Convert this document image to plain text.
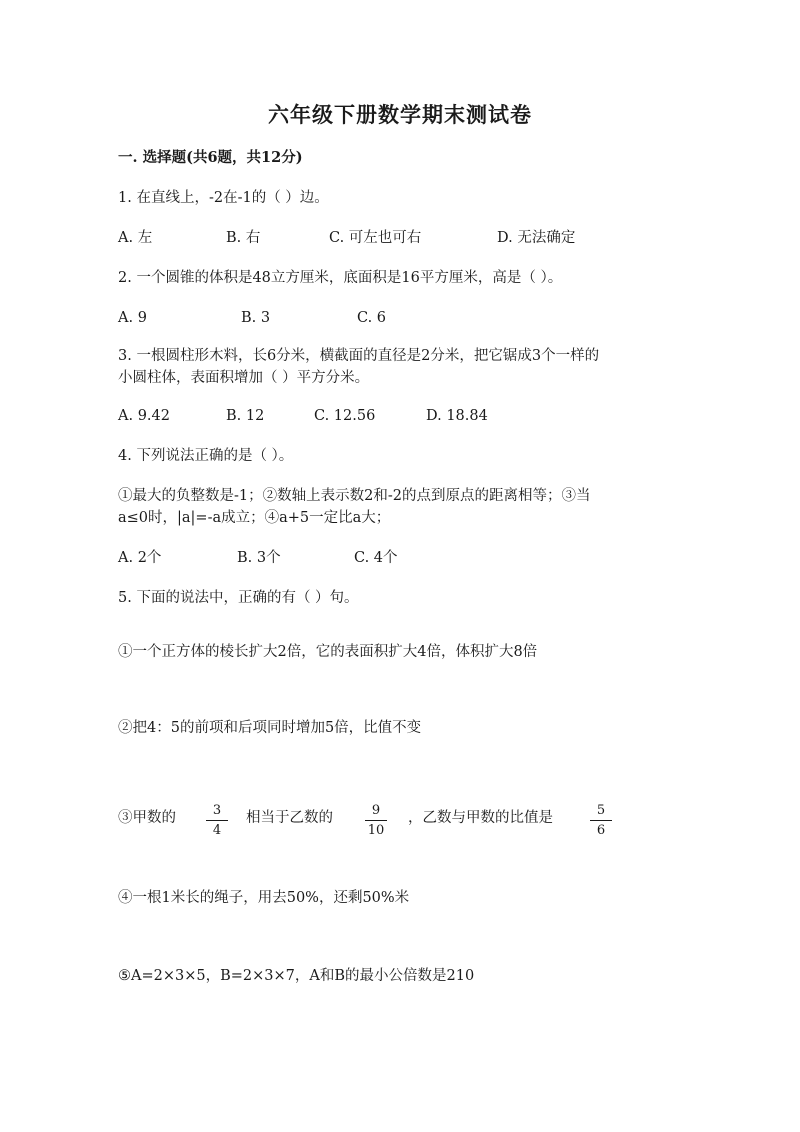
六年级下册数学期末测试卷
一. 选择题(共6题，共12分)
1. 在直线上，-2在-1的（ ）边。
A. 左	B. 右	C. 可左也可右	D. 无法确定
2. 一个圆锥的体积是48立方厘米，底面积是16平方厘米，高是（ ）。
A. 9	B. 3	C. 6
3. 一根圆柱形木料，长6分米，横截面的直径是2分米，把它锯成3个一样的
小圆柱体，表面积增加（ ）平方分米。
A. 9.42	B. 12	C. 12.56	D. 18.84
4. 下列说法正确的是（ ）。
①最大的负整数是-1；②数轴上表示数2和-2的点到原点的距离相等；③当
a≤0时，|a|=-a成立；④a+5一定比a大；
A. 2个	B. 3个	C. 4个
5. 下面的说法中，正确的有（ ）句。
①一个正方体的棱长扩大2倍，它的表面积扩大4倍，体积扩大8倍
②把4：5的前项和后项同时增加5倍，比值不变
③甲数的	3
4
相当于乙数的	9
10
，乙数与甲数的比值是	5
6
④一根1米长的绳子，用去50%，还剩50%米
⑤A=2×3×5，B=2×3×7，A和B的最小公倍数是210
